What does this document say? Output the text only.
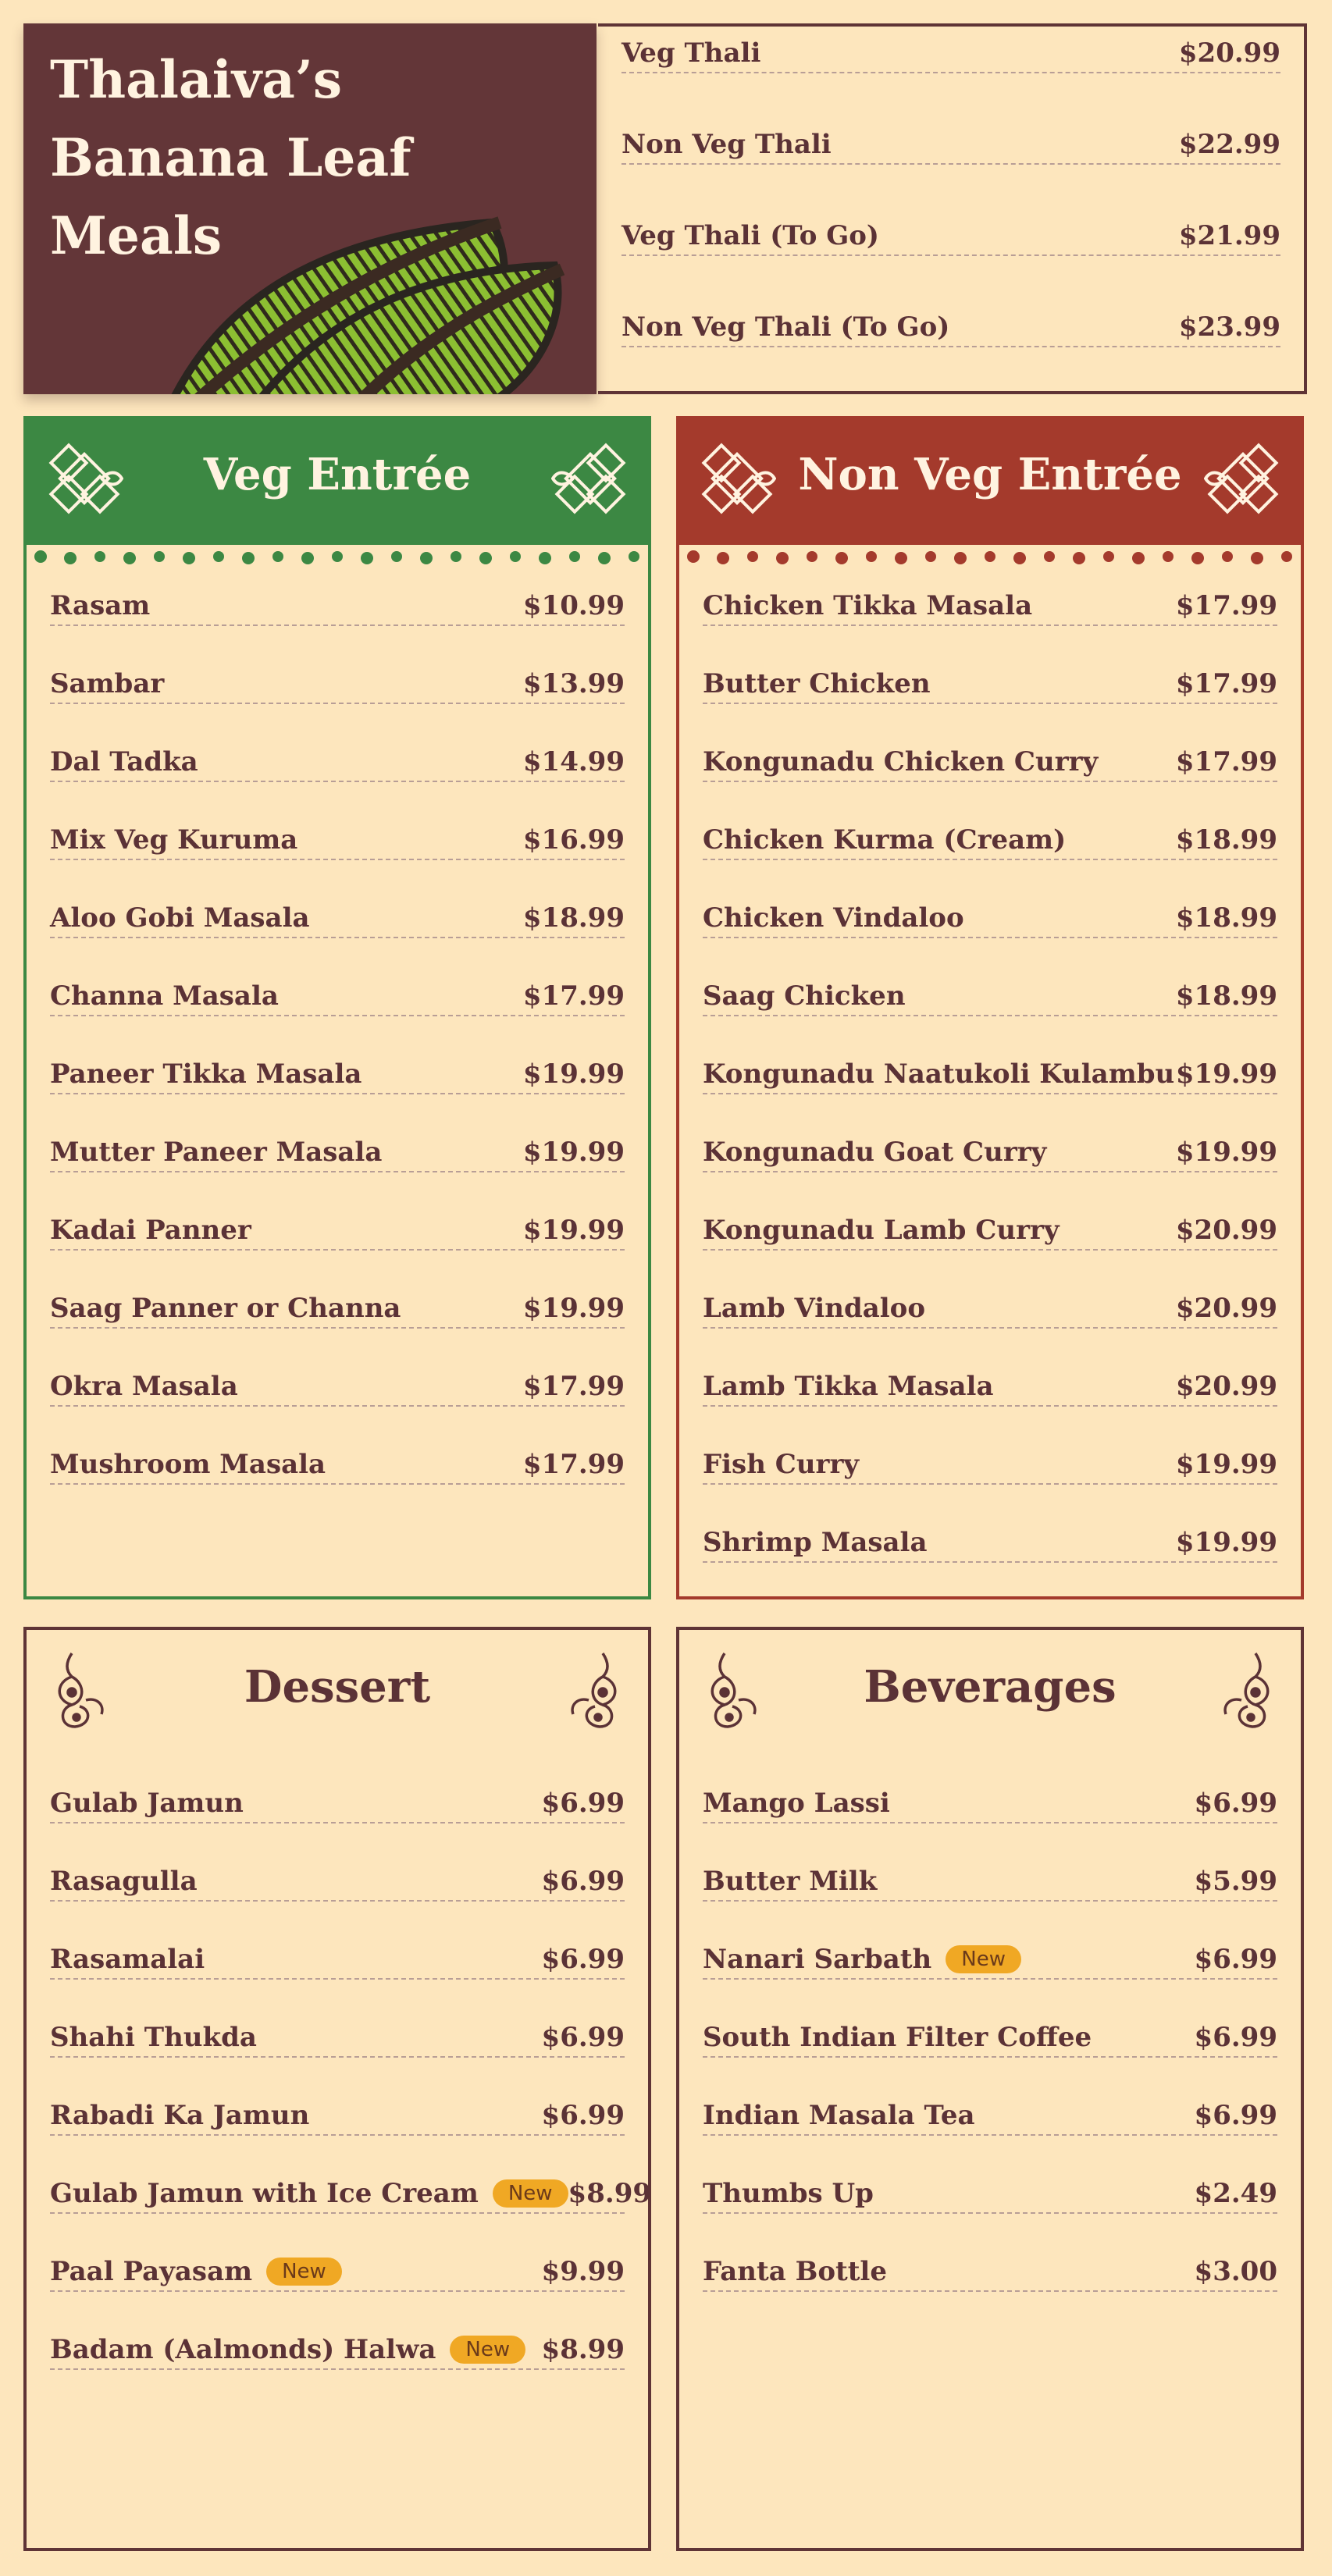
Thalaiva’s
Banana Leaf Meals
Veg Thali	$20.99
Non Veg Thali	$22.99
Veg Thali (To Go)	$21.99
Non Veg Thali (To Go)	$23.99
Veg Entrée
Rasam	$10.99
Sambar	$13.99
Dal Tadka	$14.99
Mix Veg Kuruma	$16.99
Aloo Gobi Masala	$18.99
Channa Masala	$17.99
Paneer Tikka Masala	$19.99
Mutter Paneer Masala	$19.99
Kadai Panner	$19.99
Saag Panner or Channa	$19.99
Okra Masala	$17.99
Mushroom Masala	$17.99
Non Veg Entrée
Chicken Tikka Masala	$17.99
Butter Chicken	$17.99
Kongunadu Chicken Curry	$17.99
Chicken Kurma (Cream)	$18.99
Chicken Vindaloo	$18.99
Saag Chicken	$18.99
Kongunadu Naatukoli Kulambu $19.99
Kongunadu Goat Curry	$19.99
Kongunadu Lamb Curry	$20.99
Lamb Vindaloo	$20.99
Lamb Tikka Masala	$20.99
Fish Curry	$19.99
Shrimp Masala	$19.99
Dessert
Gulab Jamun	$6.99
Rasagulla	$6.99
Rasamalai	$6.99
Shahi Thukda	$6.99
Rabadi Ka Jamun	$6.99
Gulab Jamun with Ice Cream	New $8.99
Paal Payasam	New	$9.99
Badam (Aalmonds) Halwa	New	$8.99
Beverages
Mango Lassi	$6.99
Butter Milk	$5.99
Nanari Sarbath	New	$6.99
South Indian Filter Coffee	$6.99
Indian Masala Tea	$6.99
Thumbs Up	$2.49
Fanta Bottle	$3.00
